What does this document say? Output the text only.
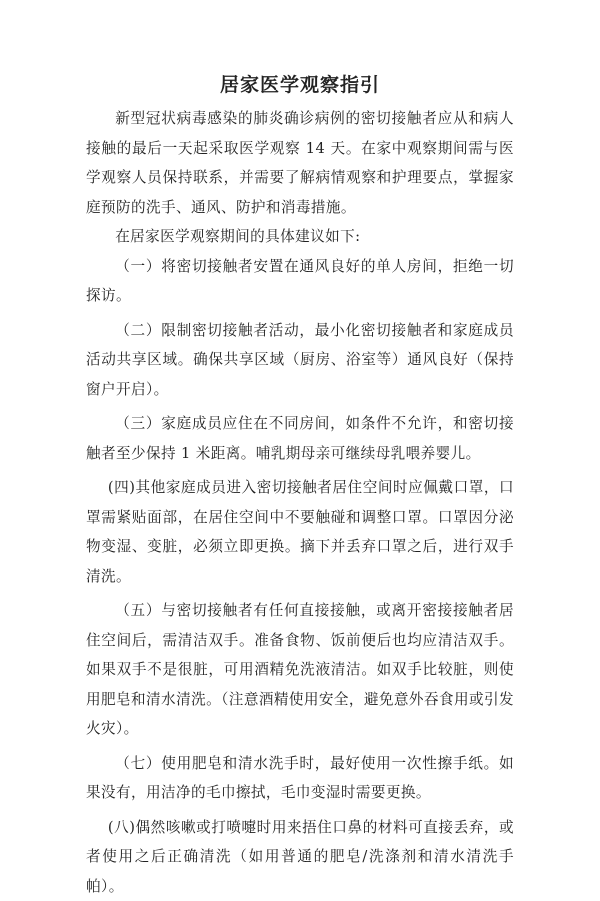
居家医学观察指引

新型冠状病毒感染的肺炎确诊病例的密切接触者应从和病人接触的最后一天起采取医学观察 14 天。在家中观察期间需与医学观察人员保持联系，并需要了解病情观察和护理要点，掌握家庭预防的洗手、通风、防护和消毒措施。

在居家医学观察期间的具体建议如下:

（一）将密切接触者安置在通风良好的单人房间，拒绝一切探访。

（二）限制密切接触者活动，最小化密切接触者和家庭成员活动共享区域。确保共享区域（厨房、浴室等）通风良好（保持窗户开启）。

（三）家庭成员应住在不同房间，如条件不允许，和密切接触者至少保持 1 米距离。哺乳期母亲可继续母乳喂养婴儿。

(四)其他家庭成员进入密切接触者居住空间时应佩戴口罩，口罩需紧贴面部，在居住空间中不要触碰和调整口罩。口罩因分泌物变湿、变脏，必须立即更换。摘下并丢弃口罩之后，进行双手清洗。

（五）与密切接触者有任何直接接触，或离开密接接触者居住空间后，需清洁双手。准备食物、饭前便后也均应清洁双手。如果双手不是很脏，可用酒精免洗液清洁。如双手比较脏，则使用肥皂和清水清洗。（注意酒精使用安全，避免意外吞食用或引发火灾）。

（七）使用肥皂和清水洗手时，最好使用一次性擦手纸。如果没有，用洁净的毛巾擦拭，毛巾变湿时需要更换。

(八)偶然咳嗽或打喷嚏时用来捂住口鼻的材料可直接丢弃，或者使用之后正确清洗（如用普通的肥皂/洗涤剂和清水清洗手帕）。
